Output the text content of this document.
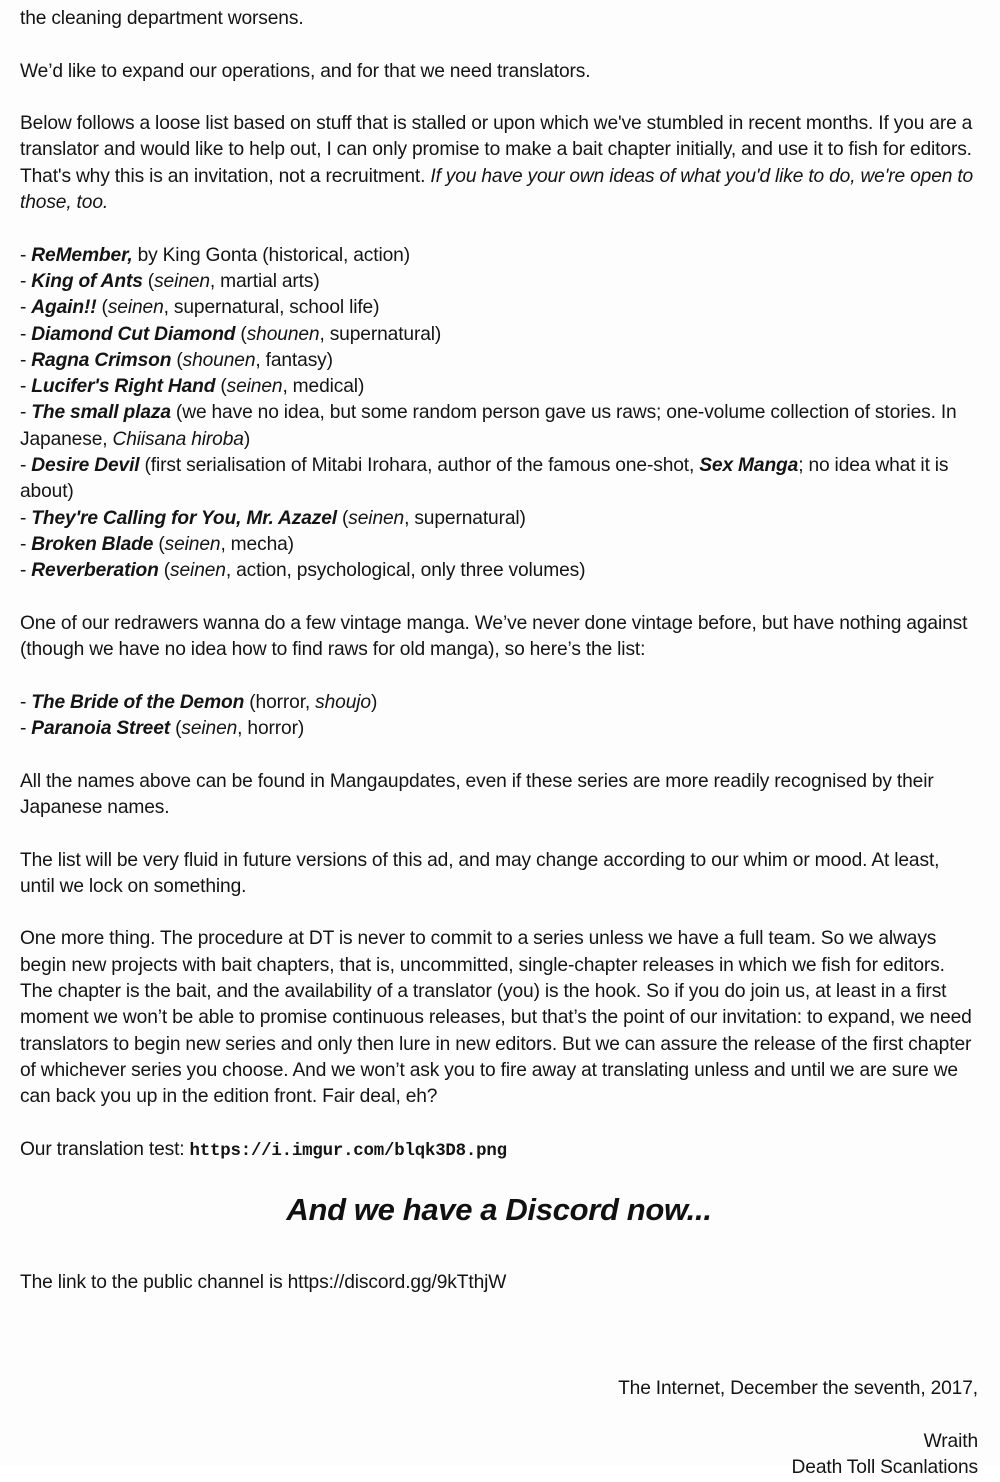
the cleaning department worsens.

We’d like to expand our operations, and for that we need translators.

Below follows a loose list based on stuff that is stalled or upon which we've stumbled in recent months. If you are a translator and would like to help out, I can only promise to make a bait chapter initially, and use it to fish for editors. That's why this is an invitation, not a recruitment. If you have your own ideas of what you'd like to do, we're open to those, too.

- ReMember, by King Gonta (historical, action)

- King of Ants (seinen, martial arts)

- Again!! (seinen, supernatural, school life)

- Diamond Cut Diamond (shounen, supernatural)

- Ragna Crimson (shounen, fantasy)

- Lucifer's Right Hand (seinen, medical)

- The small plaza (we have no idea, but some random person gave us raws; one-volume collection of stories. In Japanese, Chiisana hiroba)

- Desire Devil (first serialisation of Mitabi Irohara, author of the famous one-shot, Sex Manga; no idea what it is about)

- They're Calling for You, Mr. Azazel (seinen, supernatural)

- Broken Blade (seinen, mecha)

- Reverberation (seinen, action, psychological, only three volumes)

One of our redrawers wanna do a few vintage manga. We’ve never done vintage before, but have nothing against (though we have no idea how to find raws for old manga), so here’s the list:

- The Bride of the Demon (horror, shoujo)

- Paranoia Street (seinen, horror)

All the names above can be found in Mangaupdates, even if these series are more readily recognised by their Japanese names.

The list will be very fluid in future versions of this ad, and may change according to our whim or mood. At least, until we lock on something.

One more thing. The procedure at DT is never to commit to a series unless we have a full team. So we always begin new projects with bait chapters, that is, uncommitted, single-chapter releases in which we fish for editors. The chapter is the bait, and the availability of a translator (you) is the hook. So if you do join us, at least in a first moment we won’t be able to promise continuous releases, but that’s the point of our invitation: to expand, we need translators to begin new series and only then lure in new editors. But we can assure the release of the first chapter of whichever series you choose. And we won’t ask you to fire away at translating unless and until we are sure we can back you up in the edition front. Fair deal, eh?

Our translation test: https://i.imgur.com/blqk3D8.png

And we have a Discord now...

The link to the public channel is https://discord.gg/9kTthjW

The Internet, December the seventh, 2017,

Wraith

Death Toll Scanlations
